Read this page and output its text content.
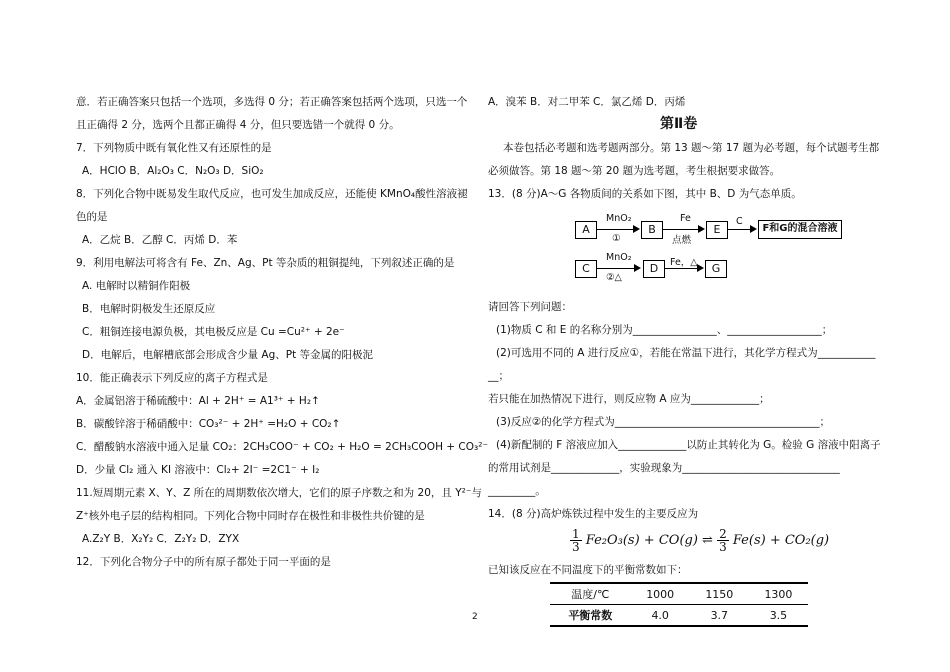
意．若正确答案只包括一个选项，多选得 0 分；若正确答案包括两个选项，只选一个
且正确得 2 分，选两个且都正确得 4 分，但只要选错一个就得 0 分。
7．下列物质中既有氧化性又有还原性的是
A．HClO B．Al₂O₃ C．N₂O₃ D．SiO₂
8．下列化合物中既易发生取代反应，也可发生加成反应，还能使 KMnO₄酸性溶液褪
色的是
A．乙烷 B．乙醇 C．丙烯 D．苯
9．利用电解法可将含有 Fe、Zn、Ag、Pt 等杂质的粗铜提纯，下列叙述正确的是
A. 电解时以精铜作阳极
B．电解时阴极发生还原反应
C．粗铜连接电源负极，其电极反应是 Cu =Cu²⁺ + 2e⁻
D．电解后，电解槽底部会形成含少量 Ag、Pt 等金属的阳极泥
10．能正确表示下列反应的离子方程式是
A．金属铝溶于稀硫酸中：Al + 2H⁺ = A1³⁺ + H₂↑
B．碳酸锌溶于稀硝酸中：CO₃²⁻ + 2H⁺ =H₂O + CO₂↑
C．醋酸钠水溶液中通入足量 CO₂：2CH₃COO⁻ + CO₂ + H₂O = 2CH₃COOH + CO₃²⁻
D．少量 Cl₂ 通入 KI 溶液中：Cl₂+ 2I⁻ =2C1⁻ + I₂
11.短周期元素 X、Y、Z 所在的周期数依次增大，它们的原子序数之和为 20，且 Y²⁻与
Z⁺核外电子层的结构相同。下列化合物中同时存在极性和非极性共价键的是
A.Z₂Y B．X₂Y₂ C．Z₂Y₂ D．ZYX
12．下列化合物分子中的所有原子都处于同一平面的是
A．溴苯 B．对二甲苯 C．氯乙烯 D．丙烯
第Ⅱ卷
本卷包括必考题和选考题两部分。第 13 题～第 17 题为必考题，每个试题考生都
必须做答。第 18 题～第 20 题为选考题，考生根据要求做答。
13．(8 分)A～G 各物质间的关系如下图，其中 B、D 为气态单质。
A
MnO₂
①
B
Fe
点燃
E
C
F和G的混合溶液
C
MnO₂
②△
D	Fe，△	G
请回答下列问题：
(1)物质 C 和 E 的名称分别为________________、__________________；
(2)可选用不同的 A 进行反应①，若能在常温下进行，其化学方程式为___________
__；
若只能在加热情况下进行，则反应物 A 应为_____________；
(3)反应②的化学方程式为_______________________________________；
(4)新配制的 F 溶液应加入_____________以防止其转化为 G。检验 G 溶液中阳离子
的常用试剂是_____________，实验现象为______________________________
_________。
14．(8 分)高炉炼铁过程中发生的主要反应为
$\frac{1}{3} Fe_2O_3(s) + CO(g)$ ⇌ $\frac{2}{3} Fe(s) + CO_2(g)$
已知该反应在不同温度下的平衡常数如下：
温度/℃	1000	1150	1300
平衡常数	4.0	3.7	3.5
2
